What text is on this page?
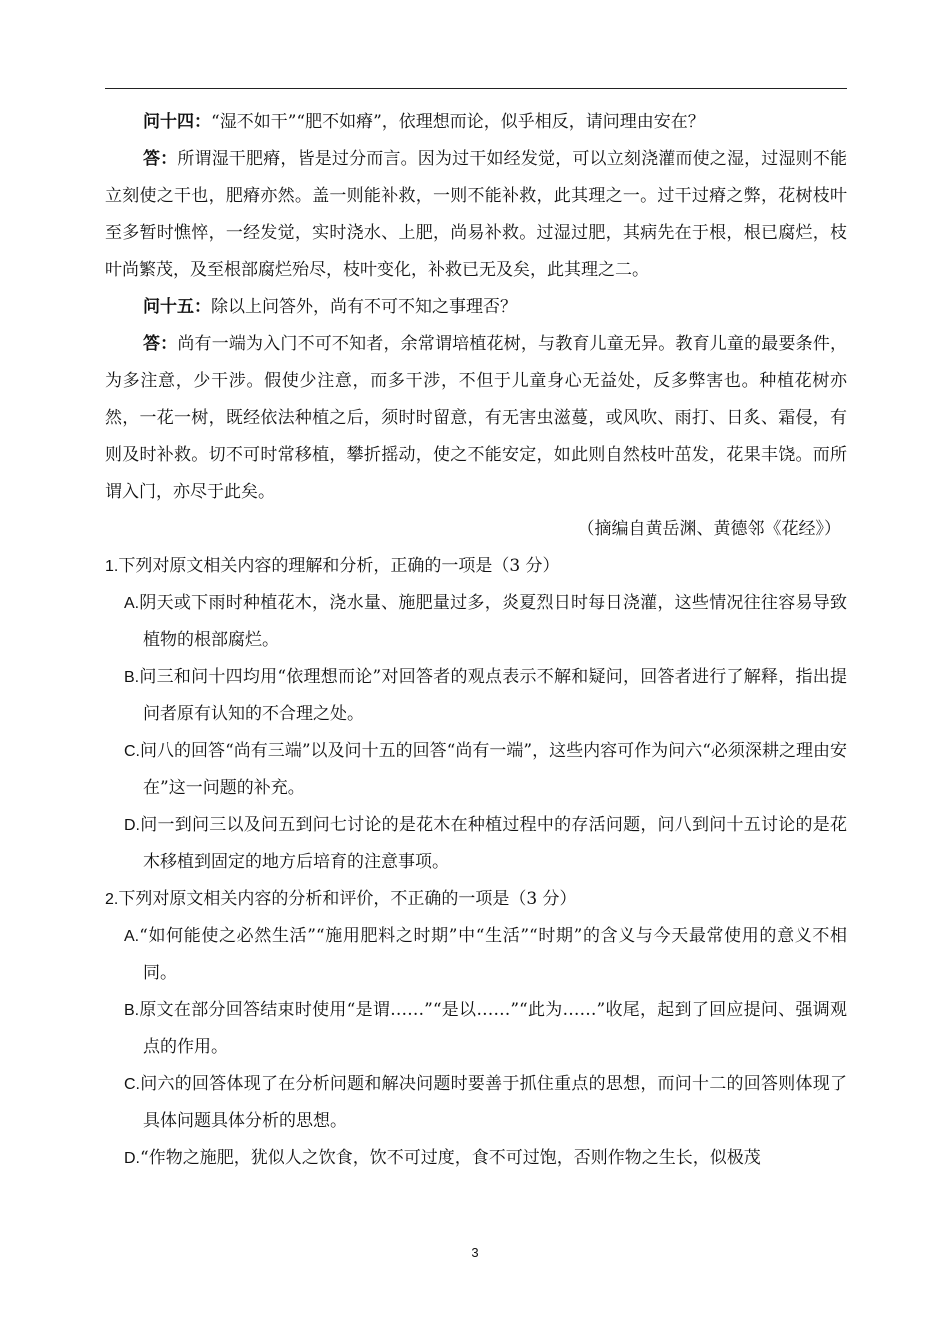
问十四：“湿不如干”“肥不如瘠”，依理想而论，似乎相反，请问理由安在？

答：所谓湿干肥瘠，皆是过分而言。因为过干如经发觉，可以立刻浇灌而使之湿，过湿则不能立刻使之干也，肥瘠亦然。盖一则能补救，一则不能补救，此其理之一。过干过瘠之弊，花树枝叶至多暂时憔悴，一经发觉，实时浇水、上肥，尚易补救。过湿过肥，其病先在于根，根已腐烂，枝叶尚繁茂，及至根部腐烂殆尽，枝叶变化，补救已无及矣，此其理之二。

问十五：除以上问答外，尚有不可不知之事理否？

答：尚有一端为入门不可不知者，余常谓培植花树，与教育儿童无异。教育儿童的最要条件，为多注意，少干涉。假使少注意，而多干涉，不但于儿童身心无益处，反多弊害也。种植花树亦然，一花一树，既经依法种植之后，须时时留意，有无害虫滋蔓，或风吹、雨打、日炙、霜侵，有则及时补救。切不可时常移植，攀折摇动，使之不能安定，如此则自然枝叶茁发，花果丰饶。而所谓入门，亦尽于此矣。

（摘编自黄岳渊、黄德邻《花经》）

1.下列对原文相关内容的理解和分析，正确的一项是（3 分）

A.阴天或下雨时种植花木，浇水量、施肥量过多，炎夏烈日时每日浇灌，这些情况往往容易导致植物的根部腐烂。

B.问三和问十四均用“依理想而论”对回答者的观点表示不解和疑问，回答者进行了解释，指出提问者原有认知的不合理之处。

C.问八的回答“尚有三端”以及问十五的回答“尚有一端”，这些内容可作为问六“必须深耕之理由安在”这一问题的补充。

D.问一到问三以及问五到问七讨论的是花木在种植过程中的存活问题，问八到问十五讨论的是花木移植到固定的地方后培育的注意事项。

2.下列对原文相关内容的分析和评价，不正确的一项是（3 分）

A.“如何能使之必然生活”“施用肥料之时期”中“生活”“时期”的含义与今天最常使用的意义不相同。

B.原文在部分回答结束时使用“是谓……”“是以……”“此为……”收尾，起到了回应提问、强调观点的作用。

C.问六的回答体现了在分析问题和解决问题时要善于抓住重点的思想，而问十二的回答则体现了具体问题具体分析的思想。

D.“作物之施肥，犹似人之饮食，饮不可过度，食不可过饱，否则作物之生长，似极茂

3
